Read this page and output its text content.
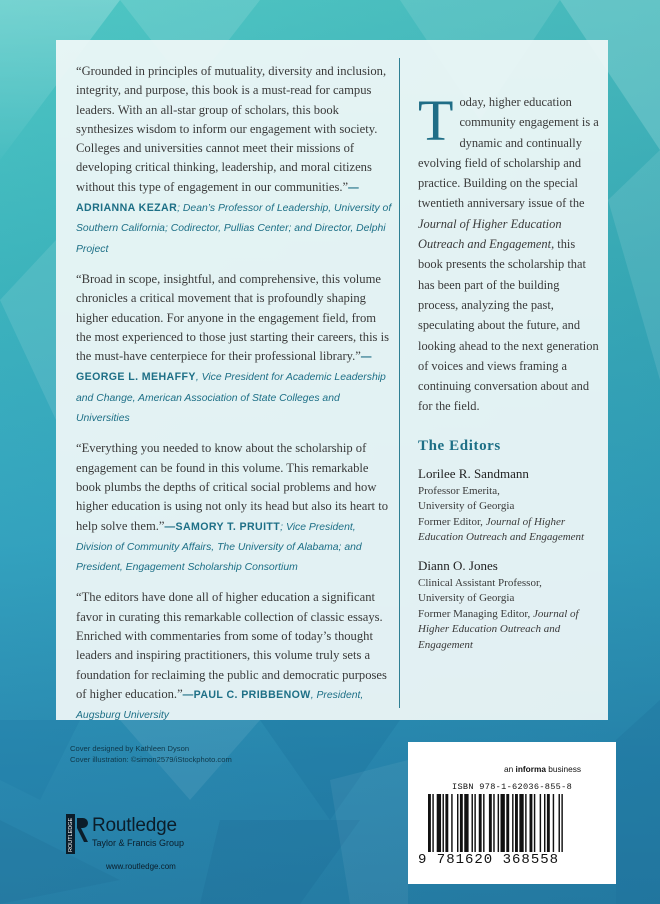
“Grounded in principles of mutuality, diversity and inclusion, integrity, and purpose, this book is a must-read for campus leaders. With an all-star group of scholars, this book synthesizes wisdom to inform our engagement with society. Colleges and universities cannot meet their missions of developing critical thinking, leadership, and moral citizens without this type of engagement in our communities.”—ADRIANNA KEZAR; Dean’s Professor of Leadership, University of Southern California; Codirector, Pullias Center; and Director, Delphi Project
“Broad in scope, insightful, and comprehensive, this volume chronicles a critical movement that is profoundly shaping higher education. For anyone in the engagement field, from the most experienced to those just starting their careers, this is the must-have centerpiece for their professional library.”—GEORGE L. MEHAFFY, Vice President for Academic Leadership and Change, American Association of State Colleges and Universities
“Everything you needed to know about the scholarship of engagement can be found in this volume. This remarkable book plumbs the depths of critical social problems and how higher education is using not only its head but also its heart to help solve them.”—SAMORY T. PRUITT; Vice President, Division of Community Affairs, The University of Alabama; and President, Engagement Scholarship Consortium
“The editors have done all of higher education a significant favor in curating this remarkable collection of classic essays. Enriched with commentaries from some of today’s thought leaders and inspiring practitioners, this volume truly sets a foundation for reclaiming the public and democratic purposes of higher education.”—PAUL C. PRIBBENOW, President, Augsburg University
Today, higher education community engagement is a dynamic and continually evolving field of scholarship and practice. Building on the special twentieth anniversary issue of the Journal of Higher Education Outreach and Engagement, this book presents the scholarship that has been part of the building process, analyzing the past, speculating about the future, and looking ahead to the next generation of voices and views framing a continuing conversation about and for the field.
The Editors
Lorilee R. Sandmann
Professor Emerita,
University of Georgia
Former Editor, Journal of Higher Education Outreach and Engagement
Diann O. Jones
Clinical Assistant Professor,
University of Georgia
Former Managing Editor, Journal of Higher Education Outreach and Engagement
Cover designed by Kathleen Dyson
Cover illustration: ©simon2579/iStockphoto.com
ROUTLEDGE Routledge
Taylor & Francis Group
www.routledge.com
an informa business
ISBN 978-1-62036-855-8
9 781620 368558
